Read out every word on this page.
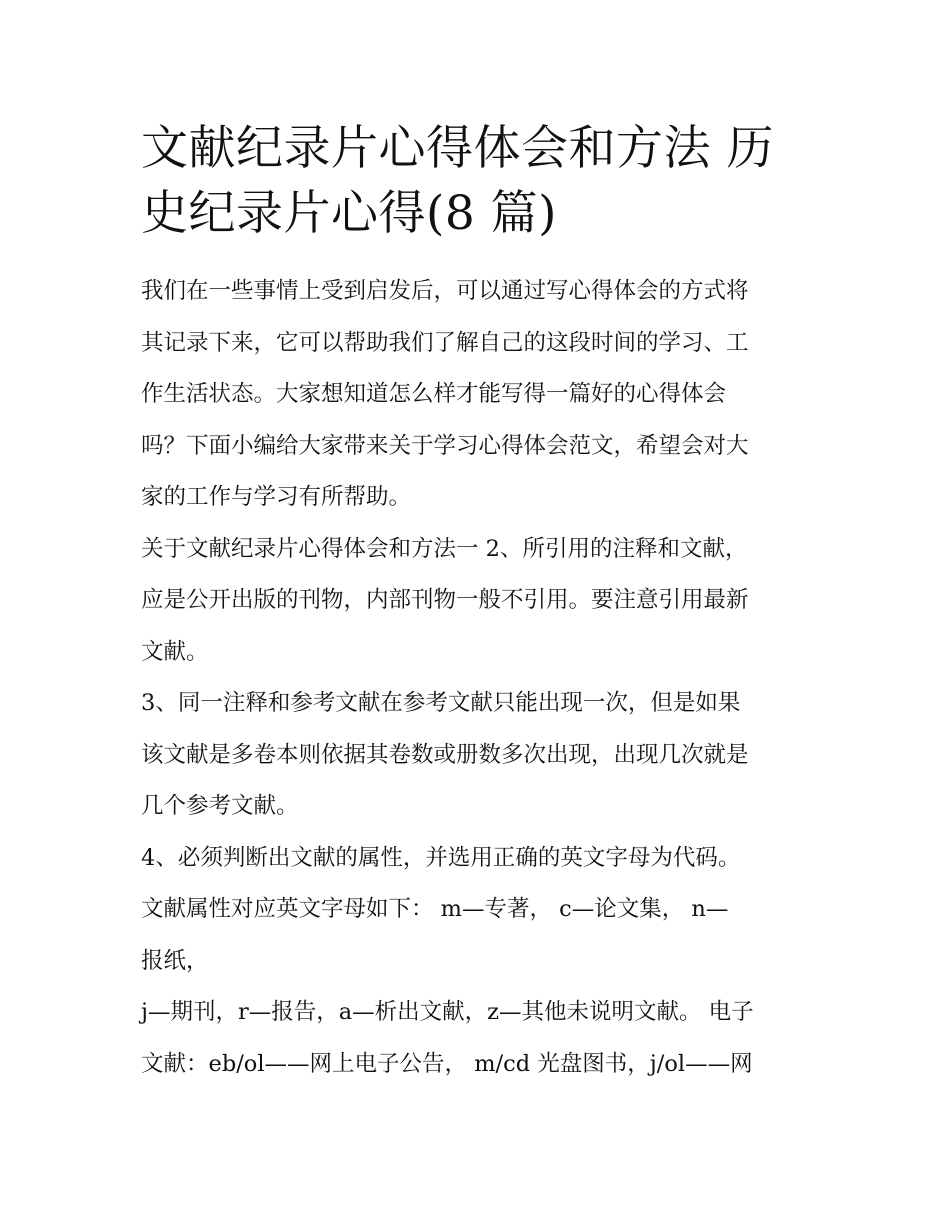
文献纪录片心得体会和方法 历
史纪录片心得(8 篇)
我们在一些事情上受到启发后，可以通过写心得体会的方式将
其记录下来，它可以帮助我们了解自己的这段时间的学习、工
作生活状态。大家想知道怎么样才能写得一篇好的心得体会
吗？下面小编给大家带来关于学习心得体会范文，希望会对大
家的工作与学习有所帮助。
关于文献纪录片心得体会和方法一 2、所引用的注释和文献，
应是公开出版的刊物，内部刊物一般不引用。要注意引用最新
文献。
3、同一注释和参考文献在参考文献只能出现一次，但是如果
该文献是多卷本则依据其卷数或册数多次出现，出现几次就是
几个参考文献。
4、必须判断出文献的属性，并选用正确的英文字母为代码。
文献属性对应英文字母如下： m—专著， c—论文集， n—
报纸，
j—期刊，r—报告，a—析出文献，z—其他未说明文献。 电子
文献：eb/ol——网上电子公告， m/cd 光盘图书，j/ol——网
